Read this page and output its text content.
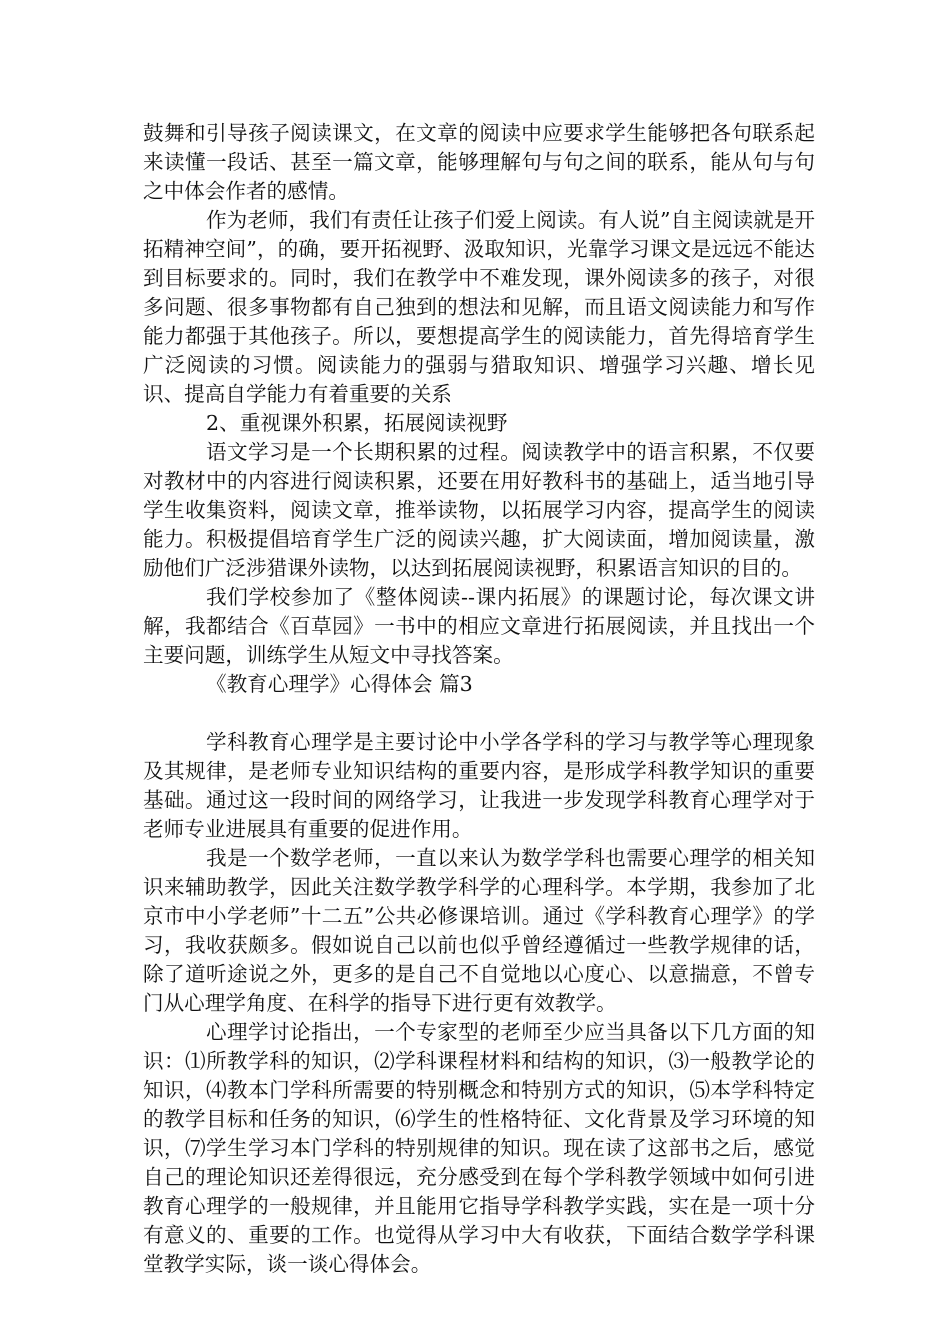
鼓舞和引导孩子阅读课文，在文章的阅读中应要求学生能够把各句联系起来读懂一段话、甚至一篇文章，能够理解句与句之间的联系，能从句与句之中体会作者的感情。

作为老师，我们有责任让孩子们爱上阅读。有人说”自主阅读就是开拓精神空间”，的确，要开拓视野、汲取知识，光靠学习课文是远远不能达到目标要求的。同时，我们在教学中不难发现，课外阅读多的孩子，对很多问题、很多事物都有自己独到的想法和见解，而且语文阅读能力和写作能力都强于其他孩子。所以，要想提高学生的阅读能力，首先得培育学生广泛阅读的习惯。阅读能力的强弱与猎取知识、增强学习兴趣、增长见识、提高自学能力有着重要的关系

2、重视课外积累，拓展阅读视野

语文学习是一个长期积累的过程。阅读教学中的语言积累，不仅要对教材中的内容进行阅读积累，还要在用好教科书的基础上，适当地引导学生收集资料，阅读文章，推举读物，以拓展学习内容，提高学生的阅读能力。积极提倡培育学生广泛的阅读兴趣，扩大阅读面，增加阅读量，激励他们广泛涉猎课外读物，以达到拓展阅读视野，积累语言知识的目的。

我们学校参加了《整体阅读--课内拓展》的课题讨论，每次课文讲解，我都结合《百草园》一书中的相应文章进行拓展阅读，并且找出一个主要问题，训练学生从短文中寻找答案。

《教育心理学》心得体会 篇3

学科教育心理学是主要讨论中小学各学科的学习与教学等心理现象及其规律，是老师专业知识结构的重要内容，是形成学科教学知识的重要基础。通过这一段时间的网络学习，让我进一步发现学科教育心理学对于老师专业进展具有重要的促进作用。

我是一个数学老师，一直以来认为数学学科也需要心理学的相关知识来辅助教学，因此关注数学教学科学的心理科学。本学期，我参加了北京市中小学老师”十二五”公共必修课培训。通过《学科教育心理学》的学习，我收获颇多。假如说自己以前也似乎曾经遵循过一些教学规律的话，除了道听途说之外，更多的是自己不自觉地以心度心、以意揣意，不曾专门从心理学角度、在科学的指导下进行更有效教学。

心理学讨论指出，一个专家型的老师至少应当具备以下几方面的知识：⑴所教学科的知识，⑵学科课程材料和结构的知识，⑶一般教学论的知识，⑷教本门学科所需要的特别概念和特别方式的知识，⑸本学科特定的教学目标和任务的知识，⑹学生的性格特征、文化背景及学习环境的知识，⑺学生学习本门学科的特别规律的知识。现在读了这部书之后，感觉自己的理论知识还差得很远，充分感受到在每个学科教学领域中如何引进教育心理学的一般规律，并且能用它指导学科教学实践，实在是一项十分有意义的、重要的工作。也觉得从学习中大有收获，下面结合数学学科课堂教学实际，谈一谈心得体会。
